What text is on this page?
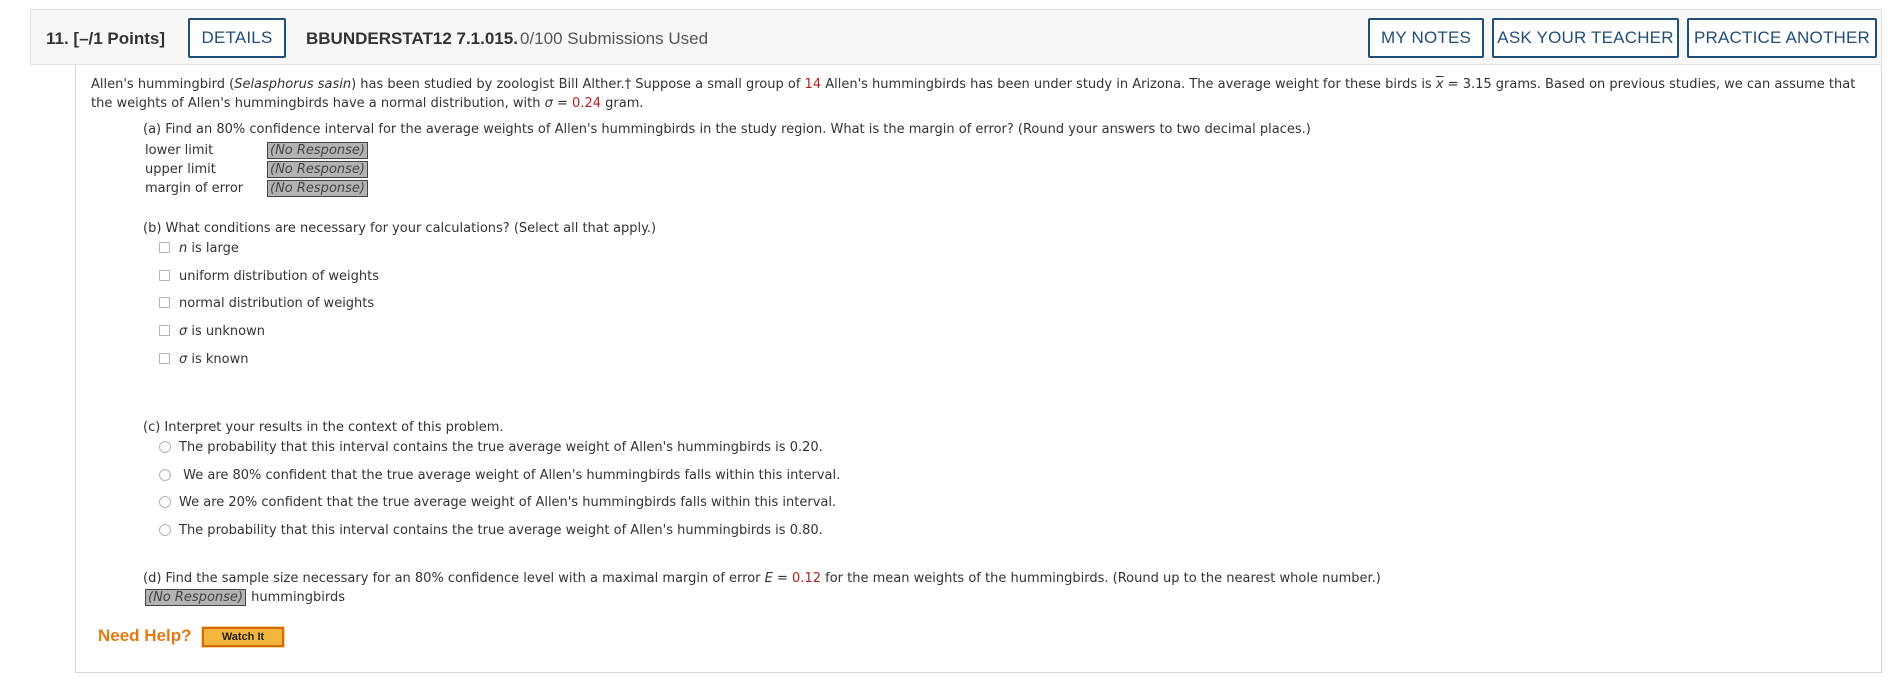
11. [–/1 Points]	DETAILS	BBUNDERSTAT12 7.1.015. 0/100 Submissions Used	MY NOTES	ASK YOUR TEACHER	PRACTICE ANOTHER
Allen's hummingbird (Selasphorus sasin) has been studied by zoologist Bill Alther.† Suppose a small group of 14 Allen's hummingbirds has been under study in Arizona. The average weight for these birds is $\overline{x} = 3.15$ grams. Based on previous studies, we can assume that
the weights of Allen's hummingbirds have a normal distribution, with σ = 0.24 gram.
(a) Find an 80% confidence interval for the average weights of Allen's hummingbirds in the study region. What is the margin of error? (Round your answers to two decimal places.)
lower limit	(No Response)
upper limit	(No Response)
margin of error (No Response)
(b) What conditions are necessary for your calculations? (Select all that apply.)
n is large
uniform distribution of weights
normal distribution of weights
σ is unknown
σ is known
(c) Interpret your results in the context of this problem.
The probability that this interval contains the true average weight of Allen's hummingbirds is 0.20.
We are 80% confident that the true average weight of Allen's hummingbirds falls within this interval.
We are 20% confident that the true average weight of Allen's hummingbirds falls within this interval.
The probability that this interval contains the true average weight of Allen's hummingbirds is 0.80.
(d) Find the sample size necessary for an 80% confidence level with a maximal margin of error E = 0.12 for the mean weights of the hummingbirds. (Round up to the nearest whole number.)
(No Response) hummingbirds
Need Help?	Watch It
